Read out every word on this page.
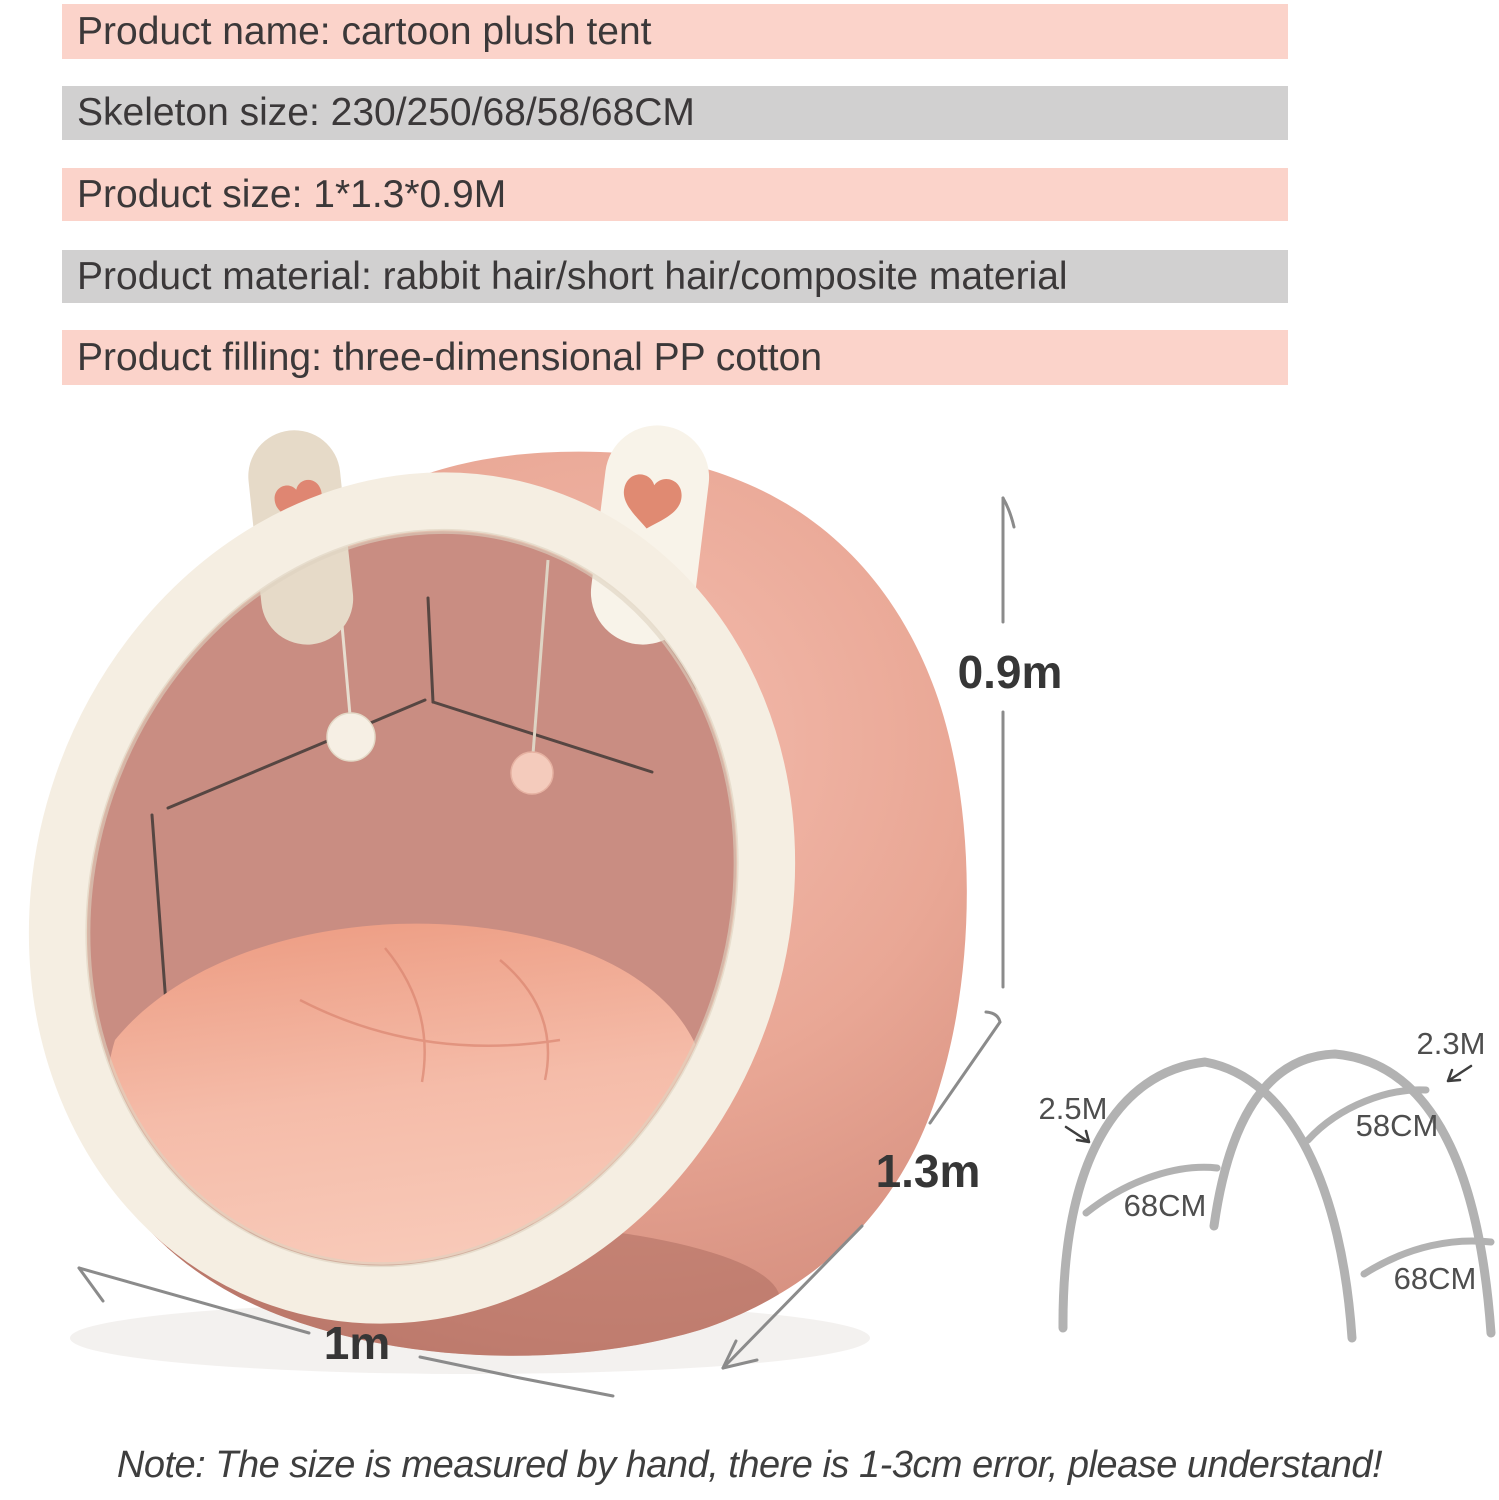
Product name: cartoon plush tent
Skeleton size: 230/250/68/58/68CM
Product size: 1*1.3*0.9M
Product material: rabbit hair/short hair/composite material
Product filling: three-dimensional PP cotton
0.9m
1.3m
1m
2.5M
2.3M
58CM
68CM
68CM
Note: The size is measured by hand, there is 1-3cm error, please understand!
